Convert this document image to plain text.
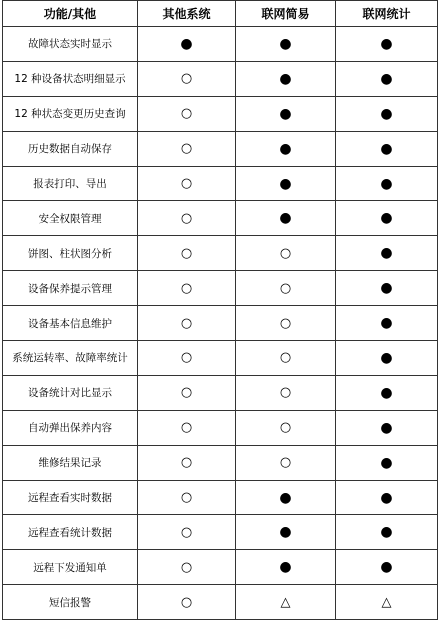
功能/其他	其他系统	联网简易	联网统计
故障状态实时显示	●	●	●
12 种设备状态明细显示	○	●	●
12 种状态变更历史查询	○	●	●
历史数据自动保存	○	●	●
报表打印、导出	○	●	●
安全权限管理	○	●	●
饼图、柱状图分析	○	○	●
设备保养提示管理	○	○	●
设备基本信息维护	○	○	●
系统运转率、故障率统计	○	○	●
设备统计对比显示	○	○	●
自动弹出保养内容	○	○	●
维修结果记录	○	○	●
远程查看实时数据	○	●	●
远程查看统计数据	○	●	●
远程下发通知单	○	●	●
短信报警	○	△	△
